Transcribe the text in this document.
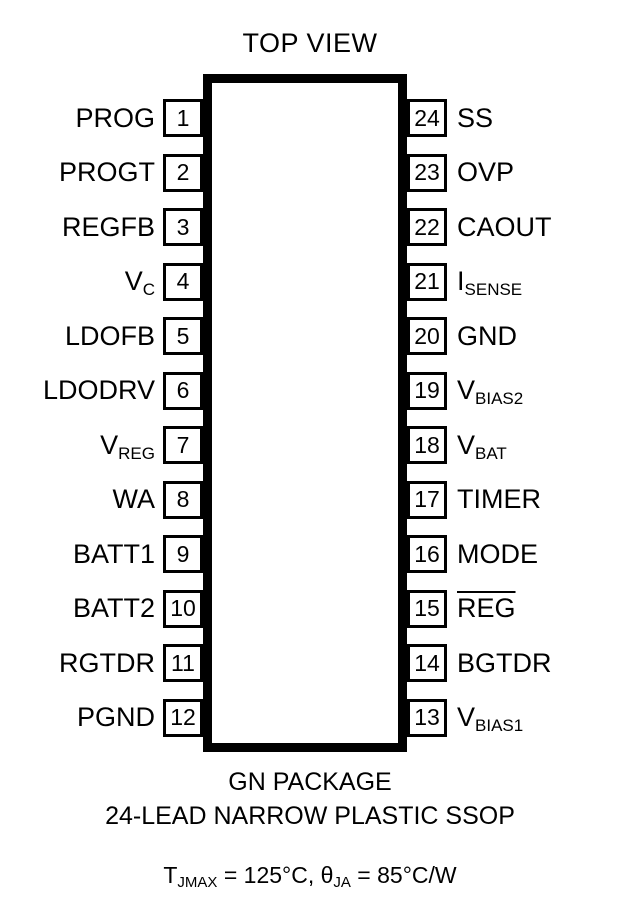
TOP VIEW
GN PACKAGE
24-LEAD NARROW PLASTIC SSOP
$T_{JMAX} = 125^\circ C$, $\theta_{JA} = 85^\circ C/W$
PROG 1
PROGT 2
REGFB 3
$V_C$ 4
LDOFB 5
LDODRV 6
$V_{REG}$ 7
WA 8
BATT1 9
BATT2 10
RGTDR 11
PGND 12
24 SS
23 OVP
22 CAOUT
21 $I_{SENSE}$
20 GND
19 $V_{BIAS2}$
18 $V_{BAT}$
17 TIMER
16 MODE
15 $\overline{REG}$
14 BGTDR
13 $V_{BIAS1}$
